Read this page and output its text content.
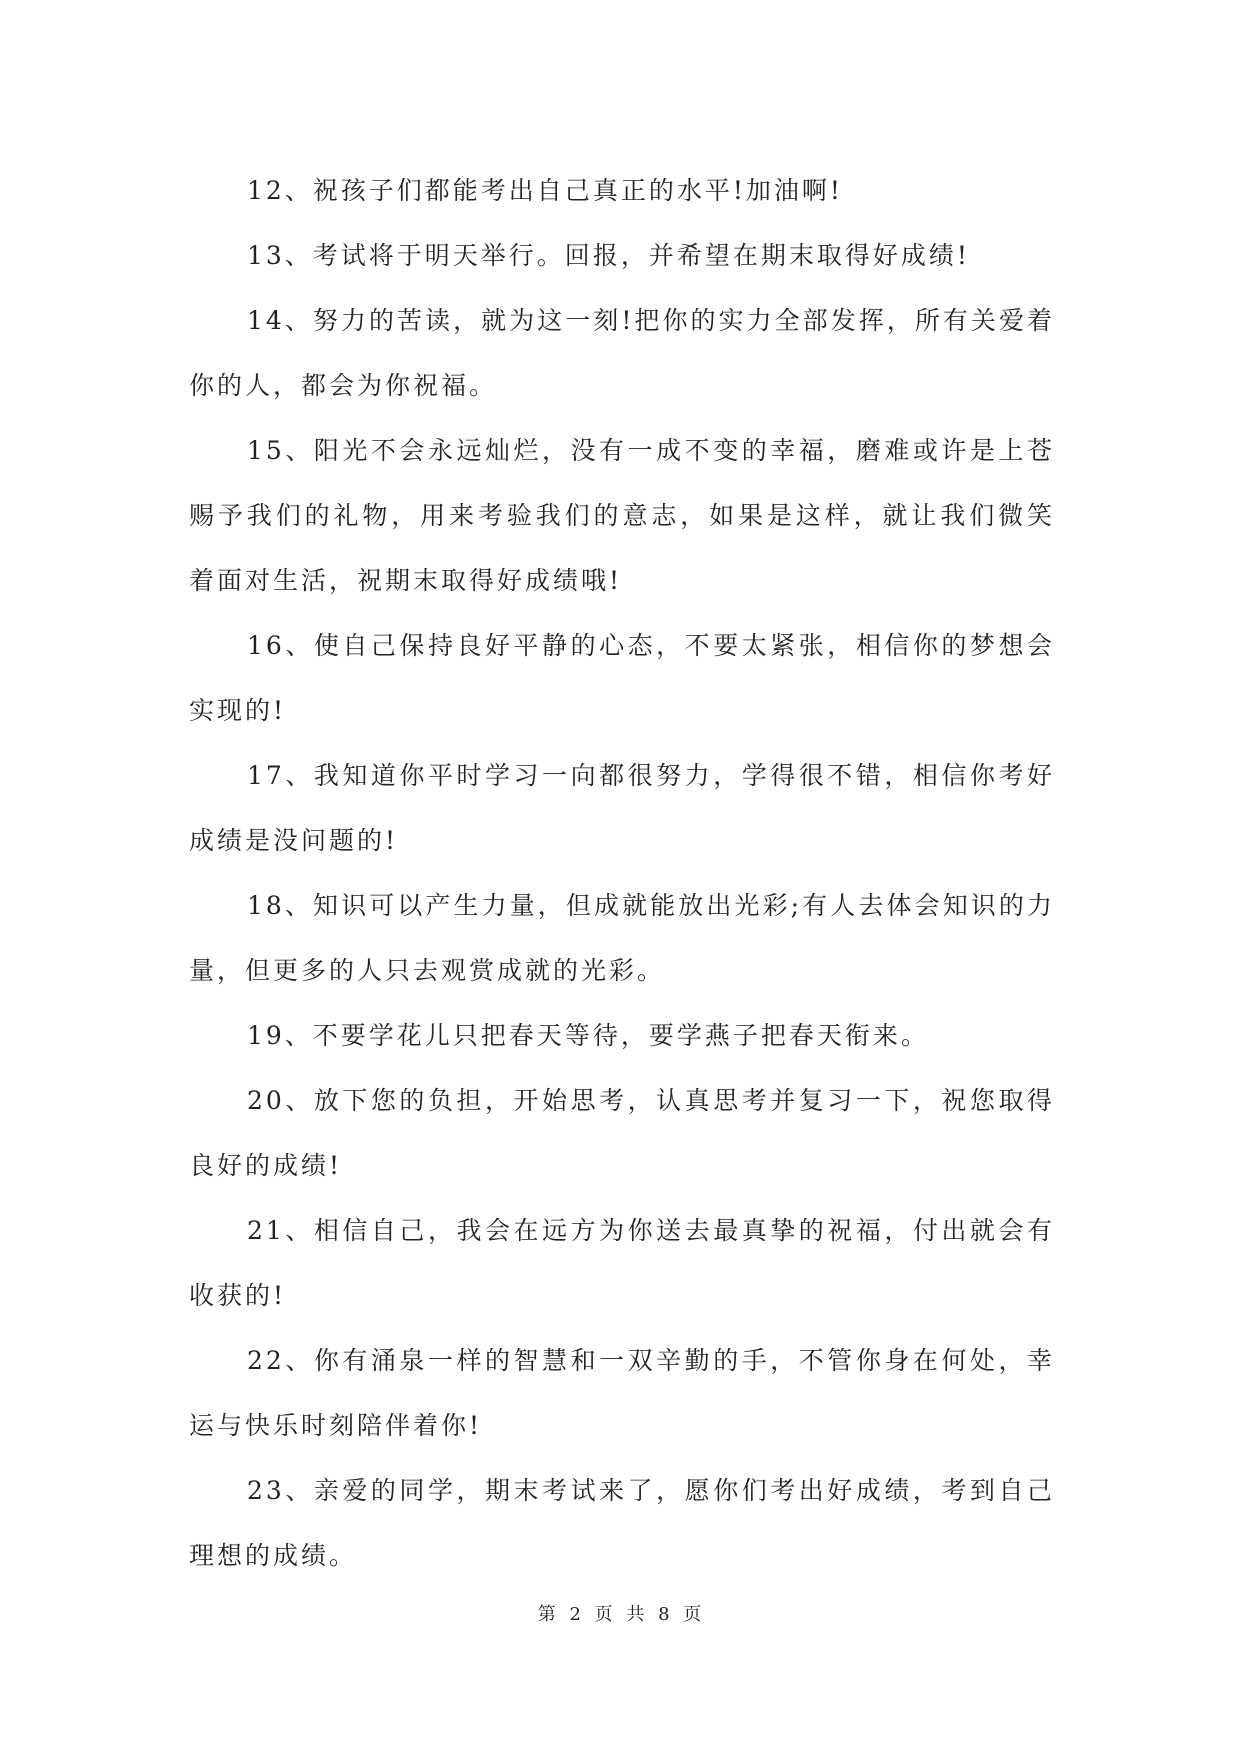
12、祝孩子们都能考出自己真正的水平!加油啊!

13、考试将于明天举行。回报，并希望在期末取得好成绩!

14、努力的苦读，就为这一刻!把你的实力全部发挥，所有关爱着你的人，都会为你祝福。

15、阳光不会永远灿烂，没有一成不变的幸福，磨难或许是上苍赐予我们的礼物，用来考验我们的意志，如果是这样，就让我们微笑着面对生活，祝期末取得好成绩哦!

16、使自己保持良好平静的心态，不要太紧张，相信你的梦想会实现的!

17、我知道你平时学习一向都很努力，学得很不错，相信你考好成绩是没问题的!

18、知识可以产生力量，但成就能放出光彩;有人去体会知识的力量，但更多的人只去观赏成就的光彩。

19、不要学花儿只把春天等待，要学燕子把春天衔来。

20、放下您的负担，开始思考，认真思考并复习一下，祝您取得良好的成绩!

21、相信自己，我会在远方为你送去最真挚的祝福，付出就会有收获的!

22、你有涌泉一样的智慧和一双辛勤的手，不管你身在何处，幸运与快乐时刻陪伴着你!

23、亲爱的同学，期末考试来了，愿你们考出好成绩，考到自己理想的成绩。

第 2 页 共 8 页
